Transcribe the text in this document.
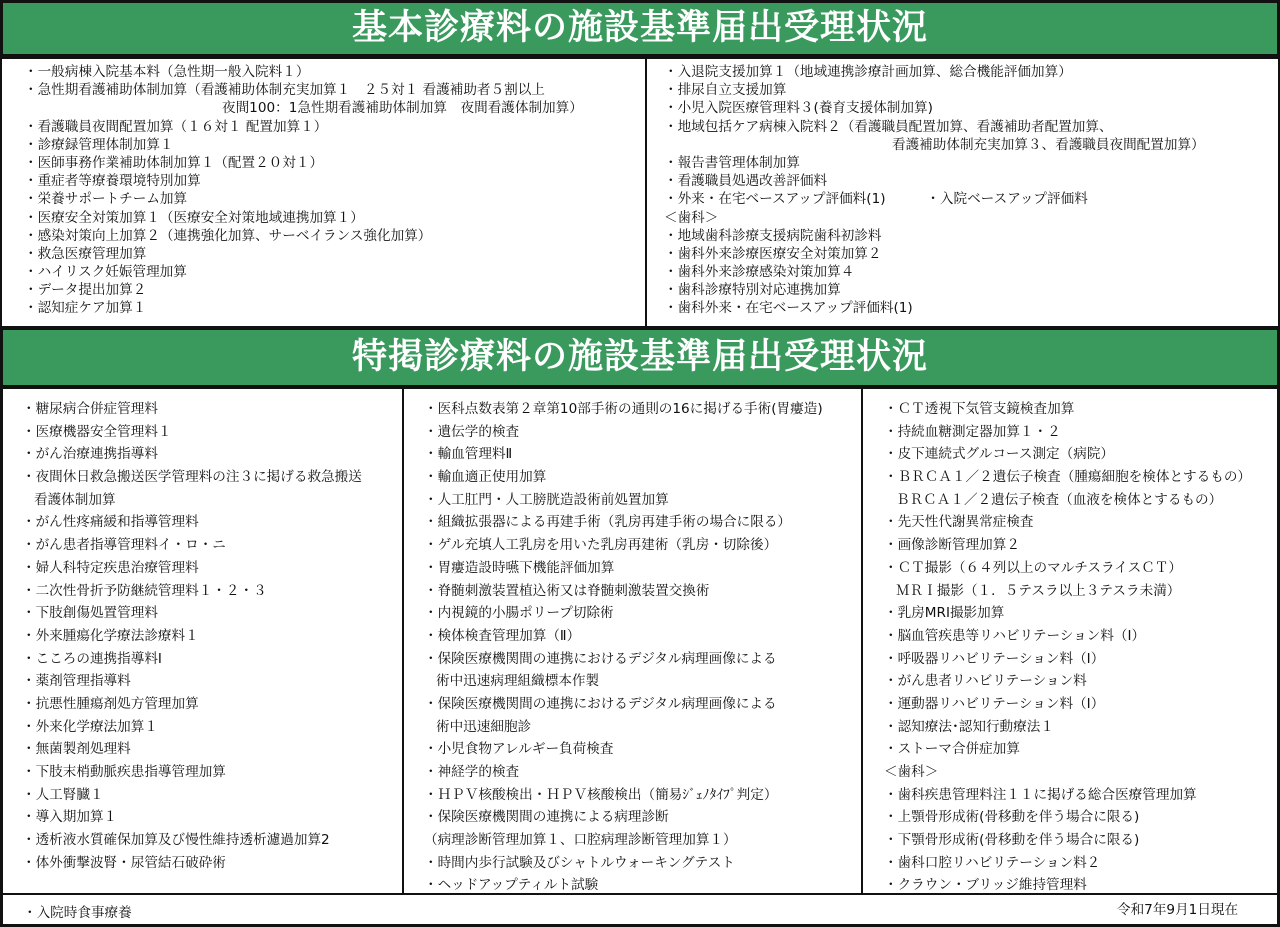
基本診療料の施設基準届出受理状況
・一般病棟入院基本料（急性期一般入院料１）
・急性期看護補助体制加算（看護補助体制充実加算１　２５対１ 看護補助者５割以上
夜間100：1急性期看護補助体制加算　夜間看護体制加算）
・看護職員夜間配置加算（１６対１ 配置加算１）
・診療録管理体制加算１
・医師事務作業補助体制加算１（配置２０対１）
・重症者等療養環境特別加算
・栄養サポートチーム加算
・医療安全対策加算１（医療安全対策地域連携加算１）
・感染対策向上加算２（連携強化加算、サーベイランス強化加算）
・救急医療管理加算
・ハイリスク妊娠管理加算
・データ提出加算２
・認知症ケア加算１
・入退院支援加算１（地域連携診療計画加算、総合機能評価加算）
・排尿自立支援加算
・小児入院医療管理料３(養育支援体制加算)
・地域包括ケア病棟入院料２（看護職員配置加算、看護補助者配置加算、
看護補助体制充実加算３、看護職員夜間配置加算）
・報告書管理体制加算
・看護職員処遇改善評価料
・外来・在宅ベースアップ評価料(1)　　　・入院ベースアップ評価料
＜歯科＞
・地域歯科診療支援病院歯科初診料
・歯科外来診療医療安全対策加算２
・歯科外来診療感染対策加算４
・歯科診療特別対応連携加算
・歯科外来・在宅ベースアップ評価料(1)
特掲診療料の施設基準届出受理状況
・糖尿病合併症管理料
・医療機器安全管理料１
・がん治療連携指導料
・夜間休日救急搬送医学管理料の注３に掲げる救急搬送
看護体制加算
・がん性疼痛緩和指導管理料
・がん患者指導管理料イ・ロ・ニ
・婦人科特定疾患治療管理料
・二次性骨折予防継続管理料１・２・３
・下肢創傷処置管理料
・外来腫瘍化学療法診療料１
・こころの連携指導料Ⅰ
・薬剤管理指導料
・抗悪性腫瘍剤処方管理加算
・外来化学療法加算１
・無菌製剤処理料
・下肢末梢動脈疾患指導管理加算
・人工腎臓１
・導入期加算１
・透析液水質確保加算及び慢性維持透析濾過加算2
・体外衝撃波腎・尿管結石破砕術
・医科点数表第２章第10部手術の通則の16に掲げる手術(胃瘻造)
・遺伝学的検査
・輸血管理料Ⅱ
・輸血適正使用加算
・人工肛門・人工膀胱造設術前処置加算
・組織拡張器による再建手術（乳房再建手術の場合に限る）
・ゲル充填人工乳房を用いた乳房再建術（乳房・切除後）
・胃瘻造設時嚥下機能評価加算
・脊髄刺激装置植込術又は脊髄刺激装置交換術
・内視鏡的小腸ポリープ切除術
・検体検査管理加算（Ⅱ）
・保険医療機関間の連携におけるデジタル病理画像による
術中迅速病理組織標本作製
・保険医療機関間の連携におけるデジタル病理画像による
術中迅速細胞診
・小児食物アレルギー負荷検査
・神経学的検査
・ＨＰＶ核酸検出・ＨＰＶ核酸検出（簡易ｼﾞｪﾉﾀｲﾌﾟ判定）
・保険医療機関間の連携による病理診断
（病理診断管理加算１、口腔病理診断管理加算１）
・時間内歩行試験及びシャトルウォーキングテスト
・ヘッドアップティルト試験
・ＣＴ透視下気管支鏡検査加算
・持続血糖測定器加算１・２
・皮下連続式グルコース測定（病院）
・ＢＲＣＡ１／２遺伝子検査（腫瘍細胞を検体とするもの）
ＢＲＣＡ１／２遺伝子検査（血液を検体とするもの）
・先天性代謝異常症検査
・画像診断管理加算２
・ＣＴ撮影（６４列以上のマルチスライスＣＴ）
ＭＲＩ撮影（１．５テスラ以上３テスラ未満）
・乳房MRI撮影加算
・脳血管疾患等リハビリテーション料（Ⅰ）
・呼吸器リハビリテーション料（Ⅰ）
・がん患者リハビリテーション料
・運動器リハビリテーション料（Ⅰ）
・認知療法･認知行動療法１
・ストーマ合併症加算
＜歯科＞
・歯科疾患管理料注１１に掲げる総合医療管理加算
・上顎骨形成術(骨移動を伴う場合に限る)
・下顎骨形成術(骨移動を伴う場合に限る)
・歯科口腔リハビリテーション料２
・クラウン・ブリッジ維持管理料
・入院時食事療養	令和7年9月1日現在
